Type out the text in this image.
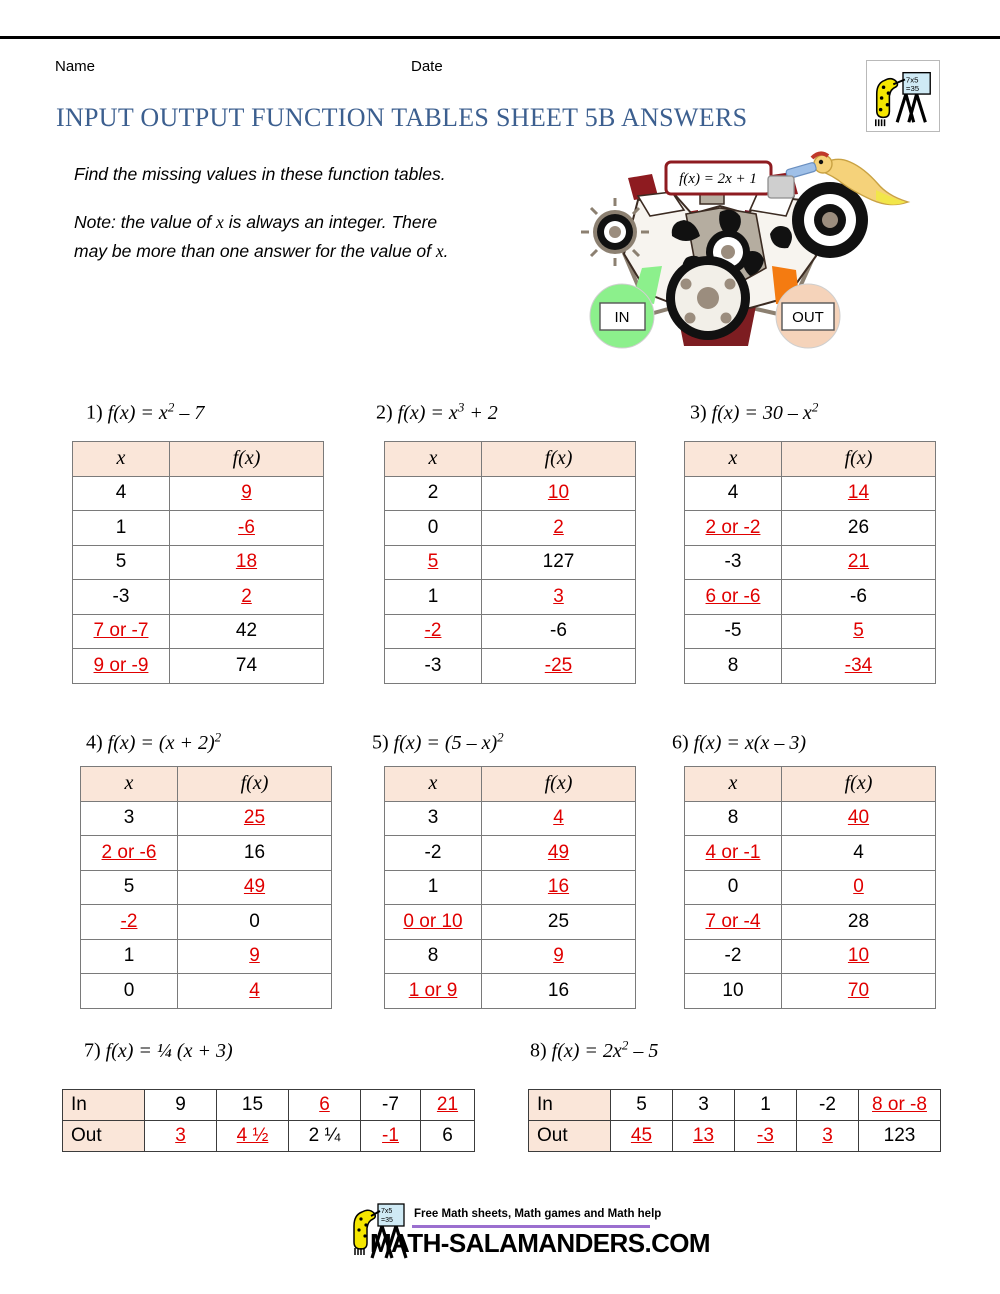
Name	Date
7x5
=35
INPUT OUTPUT FUNCTION TABLES SHEET 5B ANSWERS
Find the missing values in these function tables.
Note: the value of x is always an integer. There
may be more than one answer for the value of x.
IN	OUT
f(x) = 2x + 1
1) $f(x) = x^2 - 7$	2) $f(x) = x^3 + 2$	3) $f(x) = 30 - x^2$
4) $f(x) = (x + 2)^2$	5) f(x) = (5 – x)$^2$	6) f(x) = x(x – 3)
x	f(x)
4	9
1	-6
5	18
-3	2
7 or -7	42
9 or -9	74
x	f(x)
2	10
0	2
5	127
1	3
-2	-6
-3	-25
x	f(x)
4	14
2 or -2	26
-3	21
6 or -6	-6
-5	5
8	-34
x	f(x)
3	25
2 or -6	16
5	49
-2	0
1	9
0	4
x	f(x)
3	4
-2	49
1	16
0 or 10	25
8	9
1 or 9	16
x	f(x)
8	40
4 or -1	4
0	0
7 or -4	28
-2	10
10	70
7) f(x) = ¼ (x + 3)	8) $f(x) = 2x^2 - 5$
In	9	15	6	-7	21
Out	3	4 ½	2 ¼	-1	6
In	5	3	1	-2	8 or -8
Out	45	13	-3	3	123
7x5
=35
Free Math sheets, Math games and Math help
MATH-SALAMANDERS.COM
